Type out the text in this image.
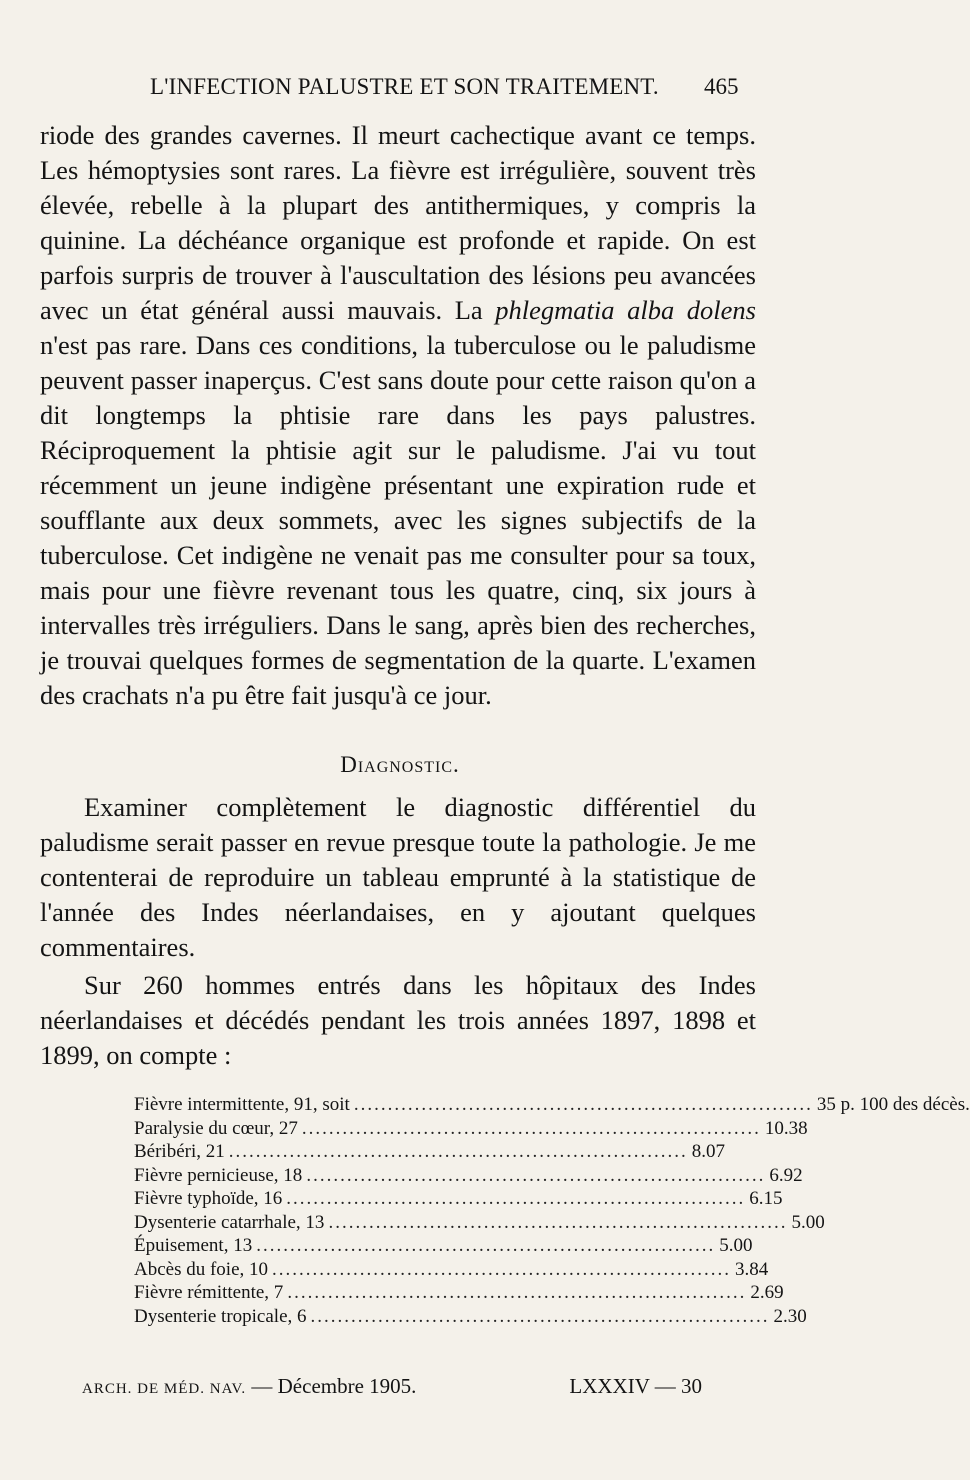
L'INFECTION PALUSTRE ET SON TRAITEMENT. 465

riode des grandes cavernes. Il meurt cachectique avant ce temps. Les hémoptysies sont rares. La fièvre est irrégulière, souvent très élevée, rebelle à la plupart des antithermiques, y compris la quinine. La déchéance organique est profonde et rapide. On est parfois surpris de trouver à l'auscultation des lésions peu avancées avec un état général aussi mauvais. La phlegmatia alba dolens n'est pas rare. Dans ces conditions, la tuberculose ou le paludisme peuvent passer inaperçus. C'est sans doute pour cette raison qu'on a dit longtemps la phtisie rare dans les pays palustres. Réciproquement la phtisie agit sur le paludisme. J'ai vu tout récemment un jeune indigène présentant une expiration rude et soufflante aux deux sommets, avec les signes subjectifs de la tuberculose. Cet indigène ne venait pas me consulter pour sa toux, mais pour une fièvre revenant tous les quatre, cinq, six jours à intervalles très irréguliers. Dans le sang, après bien des recherches, je trouvai quelques formes de segmentation de la quarte. L'examen des crachats n'a pu être fait jusqu'à ce jour.

Diagnostic.

Examiner complètement le diagnostic différentiel du paludisme serait passer en revue presque toute la pathologie. Je me contenterai de reproduire un tableau emprunté à la statistique de l'année des Indes néerlandaises, en y ajoutant quelques commentaires.

Sur 260 hommes entrés dans les hôpitaux des Indes néerlandaises et décédés pendant les trois années 1897, 1898 et 1899, on compte :

Fièvre intermittente, 91, soit .................................................................... 35 p. 100 des décès.
Paralysie du cœur, 27 .................................................................... 10.38
Béribéri, 21 .................................................................... 8.07
Fièvre pernicieuse, 18 .................................................................... 6.92
Fièvre typhoïde, 16 .................................................................... 6.15
Dysenterie catarrhale, 13 .................................................................... 5.00
Épuisement, 13 .................................................................... 5.00
Abcès du foie, 10 .................................................................... 3.84
Fièvre rémittente, 7 .................................................................... 2.69
Dysenterie tropicale, 6 .................................................................... 2.30
ARCH. DE MÉD. NAV. — Décembre 1905.	LXXXIV — 30
